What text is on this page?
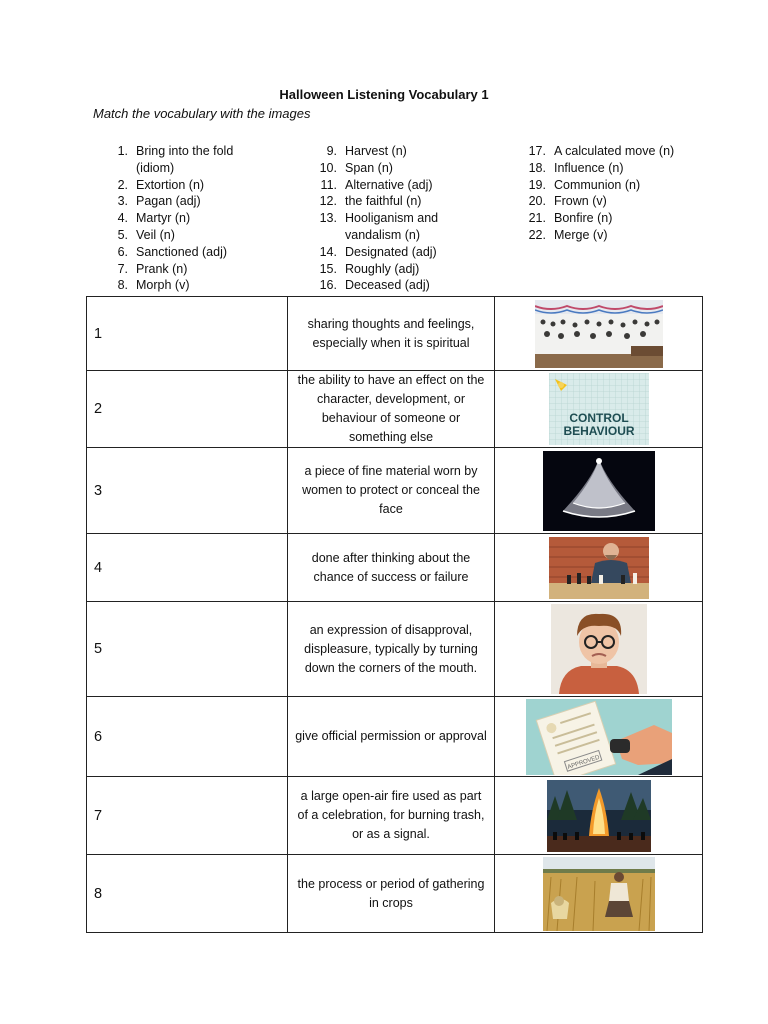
Halloween Listening Vocabulary 1
Match the vocabulary with the images
1. Bring into the fold (idiom)
2. Extortion (n)
3. Pagan (adj)
4. Martyr (n)
5. Veil (n)
6. Sanctioned (adj)
7. Prank (n)
8. Morph (v)
9. Harvest (n)
10. Span (n)
11. Alternative (adj)
12. the faithful (n)
13. Hooliganism and vandalism (n)
14. Designated (adj)
15. Roughly (adj)
16. Deceased (adj)
17. A calculated move (n)
18. Influence (n)
19. Communion (n)
20. Frown (v)
21. Bonfire (n)
22. Merge (v)
1	sharing thoughts and feelings, especially when it is spiritual	

2	the ability to have an effect on the character, development, or behaviour of someone or something else	CONTROL BEHAVIOUR

3	a piece of fine material worn by women to protect or conceal the face	

4	done after thinking about the chance of success or failure	

5	an expression of disapproval, displeasure, typically by turning down the corners of the mouth.	

6	give official permission or approval	APPROVED

7	a large open-air fire used as part of a celebration, for burning trash, or as a signal.	

8	the process or period of gathering in crops	
